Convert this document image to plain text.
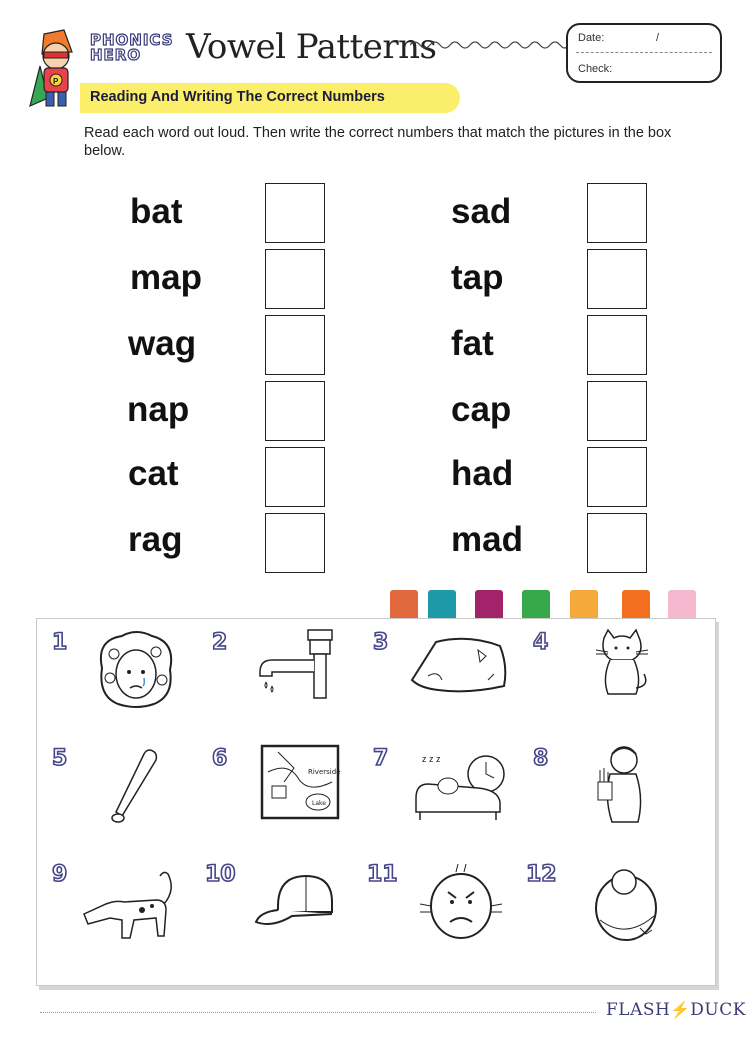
P
PHONICS
HERO	Vowel Patterns	Date:	/
Check:
Reading And Writing The Correct Numbers
Read each word out loud. Then write the correct numbers that match the pictures in the box below.
bat
map
wag
nap
cat
rag
sad
tap
fat
cap
had
mad
1	2	3	4
5	6
Riverside
Lake
7	z z z	8
9	10	11	12
FLASH⚡DUCK
